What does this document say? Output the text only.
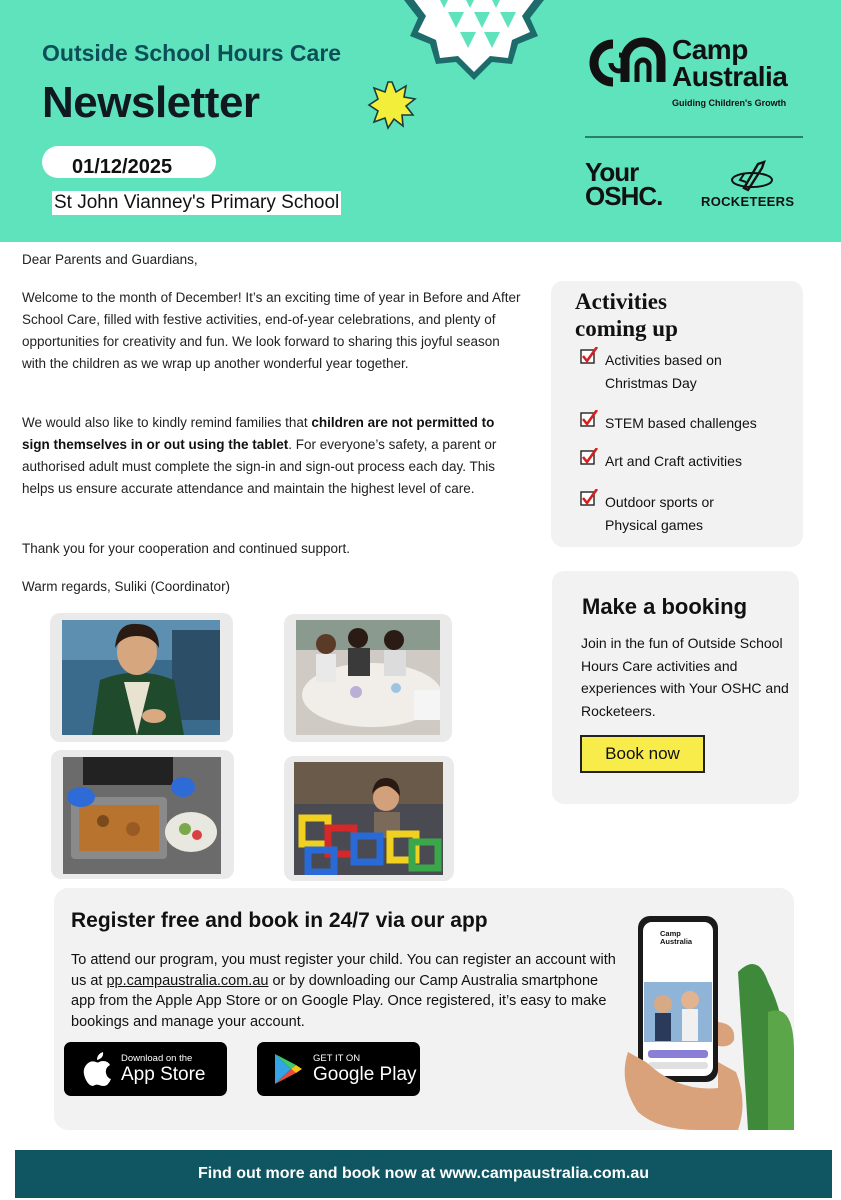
Outside School Hours Care
Newsletter
01/12/2025
St John Vianney's Primary School
Camp
Australia
Guiding Children's Growth
Your
OSHC.	ROCKETEERS

Dear Parents and Guardians,

Welcome to the month of December! It’s an exciting time of year in Before and After School Care, filled with festive activities, end-of-year celebrations, and plenty of opportunities for creativity and fun. We look forward to sharing this joyful season with the children as we wrap up another wonderful year together.

We would also like to kindly remind families that children are not permitted to sign themselves in or out using the tablet. For everyone’s safety, a parent or authorised adult must complete the sign-in and sign-out process each day. This helps us ensure accurate attendance and maintain the highest level of care.

Thank you for your cooperation and continued support.

Warm regards, Suliki (Coordinator)

Activities
coming up
Activities based on
Christmas Day
STEM based challenges
Art and Craft activities
Outdoor sports or
Physical games
Make a booking

Join in the fun of Outside School Hours Care activities and experiences with Your OSHC and Rocketeers.

Book now
Register free and book in 24/7 via our app

To attend our program, you must register your child. You can register an account with us at pp.campaustralia.com.au or by downloading our Camp Australia smartphone app from the Apple App Store or on Google Play. Once registered, it’s easy to make bookings and manage your account.

Download on the
App Store
GET IT ON
Google Play
Camp
Australia
Find out more and book now at www.campaustralia.com.au
